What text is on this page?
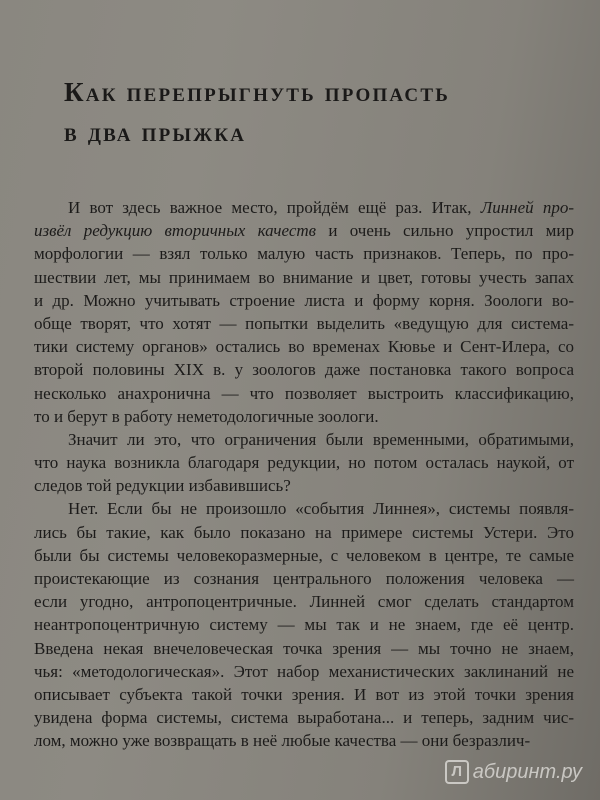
Как перепрыгнуть пропасть
в два прыжка
И вот здесь важное место, пройдём ещё раз. Итак, Линней про-
извёл редукцию вторичных качеств и очень сильно упростил мир
морфологии — взял только малую часть признаков. Теперь, по про-
шествии лет, мы принимаем во внимание и цвет, готовы учесть запах
и др. Можно учитывать строение листа и форму корня. Зоологи во-
обще творят, что хотят — попытки выделить «ведущую для система-
тики систему органов» остались во временах Кювье и Сент-Илера, со
второй половины XIX в. у зоологов даже постановка такого вопроса
несколько анахронична — что позволяет выстроить классификацию,
то и берут в работу неметодологичные зоологи.
Значит ли это, что ограничения были временными, обратимыми,
что наука возникла благодаря редукции, но потом осталась наукой, от
следов той редукции избавившись?
Нет. Если бы не произошло «события Линнея», системы появля-
лись бы такие, как было показано на примере системы Устери. Это
были бы системы человекоразмерные, с человеком в центре, те самые
проистекающие из сознания центрального положения человека —
если угодно, антропоцентричные. Линней смог сделать стандартом
неантропоцентричную систему — мы так и не знаем, где её центр.
Введена некая внечеловеческая точка зрения — мы точно не знаем,
чья: «методологическая». Этот набор механистических заклинаний не
описывает субъекта такой точки зрения. И вот из этой точки зрения
увидена форма системы, система выработана... и теперь, задним чис-
лом, можно уже возвращать в неё любые качества — они безразлич-
Л абиринт.ру
